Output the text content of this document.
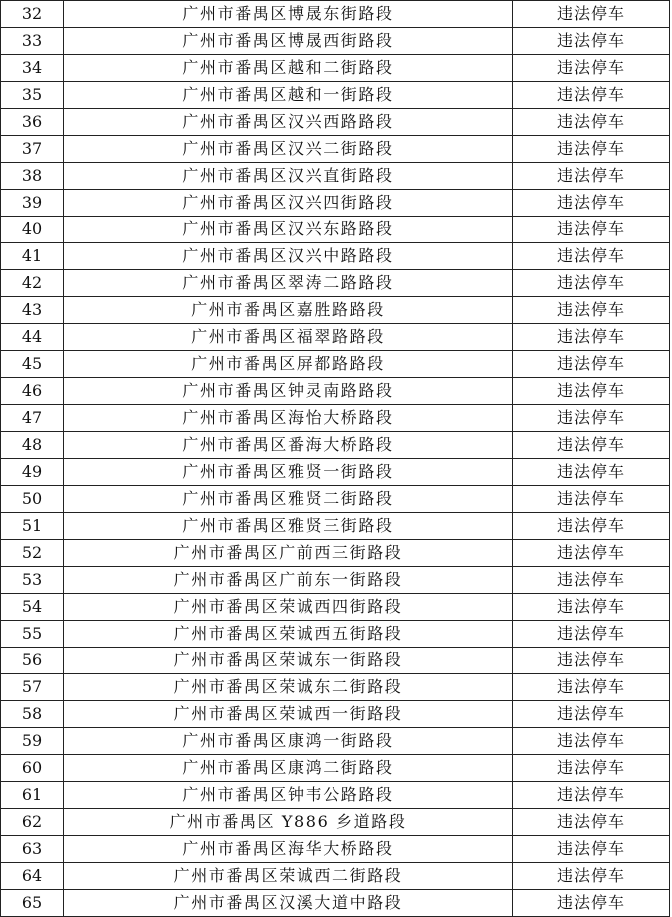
32	广州市番禺区博晟东街路段	违法停车
33	广州市番禺区博晟西街路段	违法停车
34	广州市番禺区越和二街路段	违法停车
35	广州市番禺区越和一街路段	违法停车
36	广州市番禺区汉兴西路路段	违法停车
37	广州市番禺区汉兴二街路段	违法停车
38	广州市番禺区汉兴直街路段	违法停车
39	广州市番禺区汉兴四街路段	违法停车
40	广州市番禺区汉兴东路路段	违法停车
41	广州市番禺区汉兴中路路段	违法停车
42	广州市番禺区翠涛二路路段	违法停车
43	广州市番禺区嘉胜路路段	违法停车
44	广州市番禺区福翠路路段	违法停车
45	广州市番禺区屏都路路段	违法停车
46	广州市番禺区钟灵南路路段	违法停车
47	广州市番禺区海怡大桥路段	违法停车
48	广州市番禺区番海大桥路段	违法停车
49	广州市番禺区雅贤一街路段	违法停车
50	广州市番禺区雅贤二街路段	违法停车
51	广州市番禺区雅贤三街路段	违法停车
52	广州市番禺区广前西三街路段	违法停车
53	广州市番禺区广前东一街路段	违法停车
54	广州市番禺区荣诚西四街路段	违法停车
55	广州市番禺区荣诚西五街路段	违法停车
56	广州市番禺区荣诚东一街路段	违法停车
57	广州市番禺区荣诚东二街路段	违法停车
58	广州市番禺区荣诚西一街路段	违法停车
59	广州市番禺区康鸿一街路段	违法停车
60	广州市番禺区康鸿二街路段	违法停车
61	广州市番禺区钟韦公路路段	违法停车
62	广州市番禺区 Y886 乡道路段	违法停车
63	广州市番禺区海华大桥路段	违法停车
64	广州市番禺区荣诚西二街路段	违法停车
65	广州市番禺区汉溪大道中路段	违法停车
